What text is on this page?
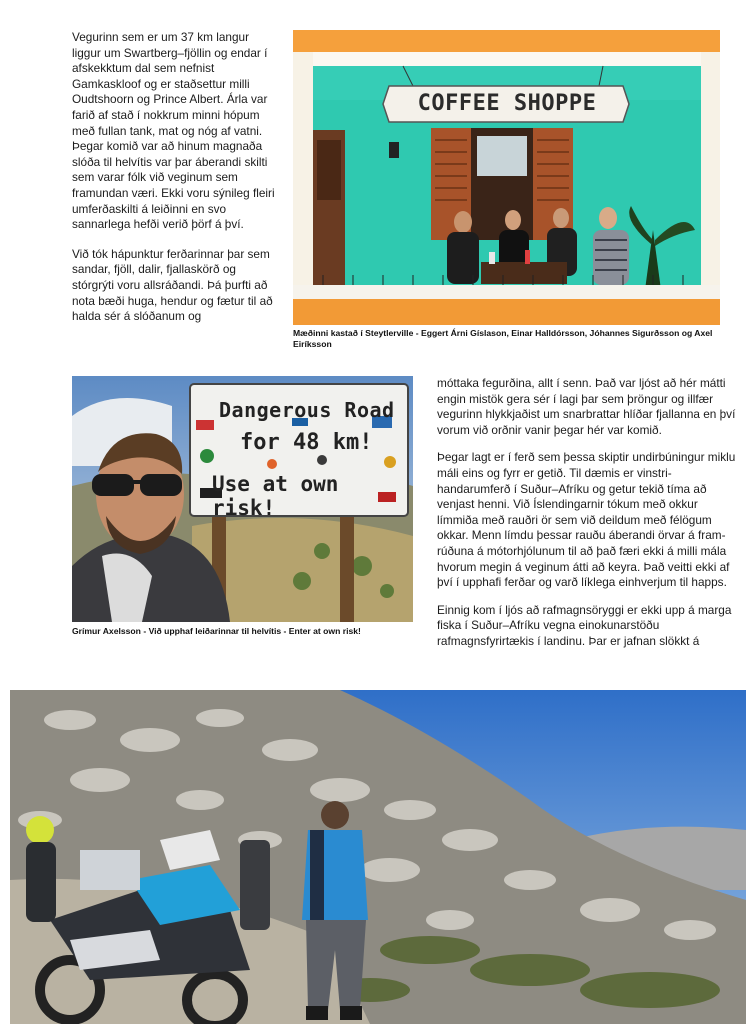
Vegurinn sem er um 37 km langur liggur um Swartberg–fjöllin og endar í afskekktum dal sem nefnist Gamkaskloof og er staðsettur milli Oudtshoorn og Prince Albert. Árla var farið af stað í nokkrum minni hópum með fullan tank, mat og nóg af vatni. Þegar komið var að hinum magnaða slóða til helvítis var þar áberandi skilti sem varar fólk við veginum sem framundan væri. Ekki voru sýnileg fleiri umferðaskilti á leiðinni en svo sannarlega hefði verið þörf á því.

Við tók hápunktur ferðarinnar þar sem sandar, fjöll, dalir, fjallaskörð og stórgrýti voru allsráðandi. Þá þurfti að nota bæði huga, hendur og fætur til að halda sér á slóðanum og

COFFEE SHOPPE
Mæðinni kastað í Steytlerville - Eggert Árni Gíslason, Einar Halldórsson, Jóhannes Sigurðsson og Axel Eiríksson
Dangerous Road
for 48 km!
Use at own risk!
Grímur Axelsson - Við upphaf leiðarinnar til helvítis - Enter at own risk!

móttaka fegurðina, allt í senn. Það var ljóst að hér mátti engin mistök gera sér í lagi þar sem þröngur og illfær vegurinn hlykkjaðist um snarbrattar hlíðar fjallanna en því vorum við orðnir vanir þegar hér var komið.

Þegar lagt er í ferð sem þessa skiptir undirbúningur miklu máli eins og fyrr er getið. Til dæmis er vinstri-handarumferð í Suður–Afríku og getur tekið tíma að venjast henni. Við Íslendingarnir tókum með okkur límmiða með rauðri ör sem við deildum með félögum okkar. Menn límdu þessar rauðu áberandi örvar á fram-rúðuna á mótorhjólunum til að það færi ekki á milli mála hvorum megin á veginum átti að keyra. Það veitti ekki af því í upphafi ferðar og varð líklega einhverjum til happs.

Einnig kom í ljós að rafmagnsöryggi er ekki upp á marga fiska í Suður–Afríku vegna einokunarstöðu rafmagnsfyrirtækis í landinu. Þar er jafnan slökkt á
